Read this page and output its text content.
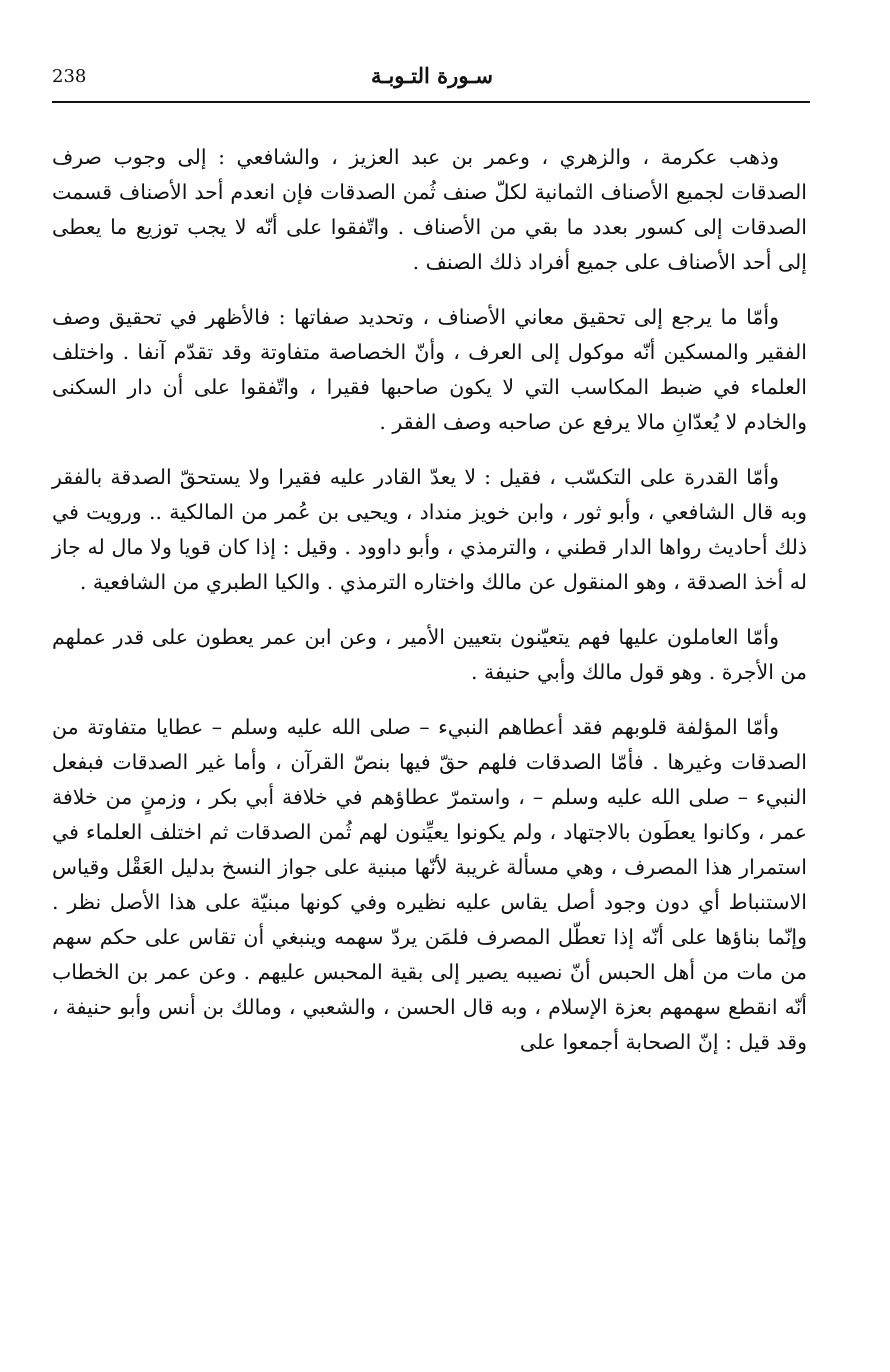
238	سـورة التـوبـة

وذهب عكرمة ، والزهري ، وعمر بن عبد العزيز ، والشافعي : إلى وجوب صرف الصدقات لجميع الأصناف الثمانية لكلّ صنف ثُمن الصدقات فإن انعدم أحد الأصناف قسمت الصدقات إلى كسور بعدد ما بقي من الأصناف . واتّفقوا على أنّه لا يجب توزيع ما يعطى إلى أحد الأصناف على جميع أفراد ذلك الصنف .

وأمّا ما يرجع إلى تحقيق معاني الأصناف ، وتحديد صفاتها : فالأظهر في تحقيق وصف الفقير والمسكين أنّه موكول إلى العرف ، وأنّ الخصاصة متفاوتة وقد تقدّم آنفا . واختلف العلماء في ضبط المكاسب التي لا يكون صاحبها فقيرا ، واتّفقوا على أن دار السكنى والخادم لا يُعدّانِ مالا يرفع عن صاحبه وصف الفقر .

وأمّا القدرة على التكسّب ، فقيل : لا يعدّ القادر عليه فقيرا ولا يستحقّ الصدقة بالفقر وبه قال الشافعي ، وأبو ثور ، وابن خويز منداد ، ويحيى بن عُمر من المالكية .. ورويت في ذلك أحاديث رواها الدار قطني ، والترمذي ، وأبو داوود . وقيل : إذا كان قويا ولا مال له جاز له أخذ الصدقة ، وهو المنقول عن مالك واختاره الترمذي . والكيا الطبري من الشافعية .

وأمّا العاملون عليها فهم يتعيّنون بتعيين الأمير ، وعن ابن عمر يعطون على قدر عملهم من الأجرة . وهو قول مالك وأبي حنيفة .

وأمّا المؤلفة قلوبهم فقد أعطاهم النبيء – صلى الله عليه وسلم – عطايا متفاوتة من الصدقات وغيرها . فأمّا الصدقات فلهم حقّ فيها بنصّ القرآن ، وأما غير الصدقات فبفعل النبيء – صلى الله عليه وسلم – ، واستمرّ عطاؤهم في خلافة أبي بكر ، وزمنٍ من خلافة عمر ، وكانوا يعطَون بالاجتهاد ، ولم يكونوا يعيِّنون لهم ثُمن الصدقات ثم اختلف العلماء في استمرار هذا المصرف ، وهي مسألة غريبة لأنّها مبنية على جواز النسخ بدليل العَقْل وقياس الاستنباط أي دون وجود أصل يقاس عليه نظيره وفي كونها مبنيّة على هذا الأصل نظر . وإنّما بناؤها على أنّه إذا تعطّل المصرف فلمَن يردّ سهمه وينبغي أن تقاس على حكم سهم من مات من أهل الحبس أنّ نصيبه يصير إلى بقية المحبس عليهم . وعن عمر بن الخطاب أنّه انقطع سهمهم بعزة الإسلام ، وبه قال الحسن ، والشعبي ، ومالك بن أنس وأبو حنيفة ، وقد قيل : إنّ الصحابة أجمعوا على
